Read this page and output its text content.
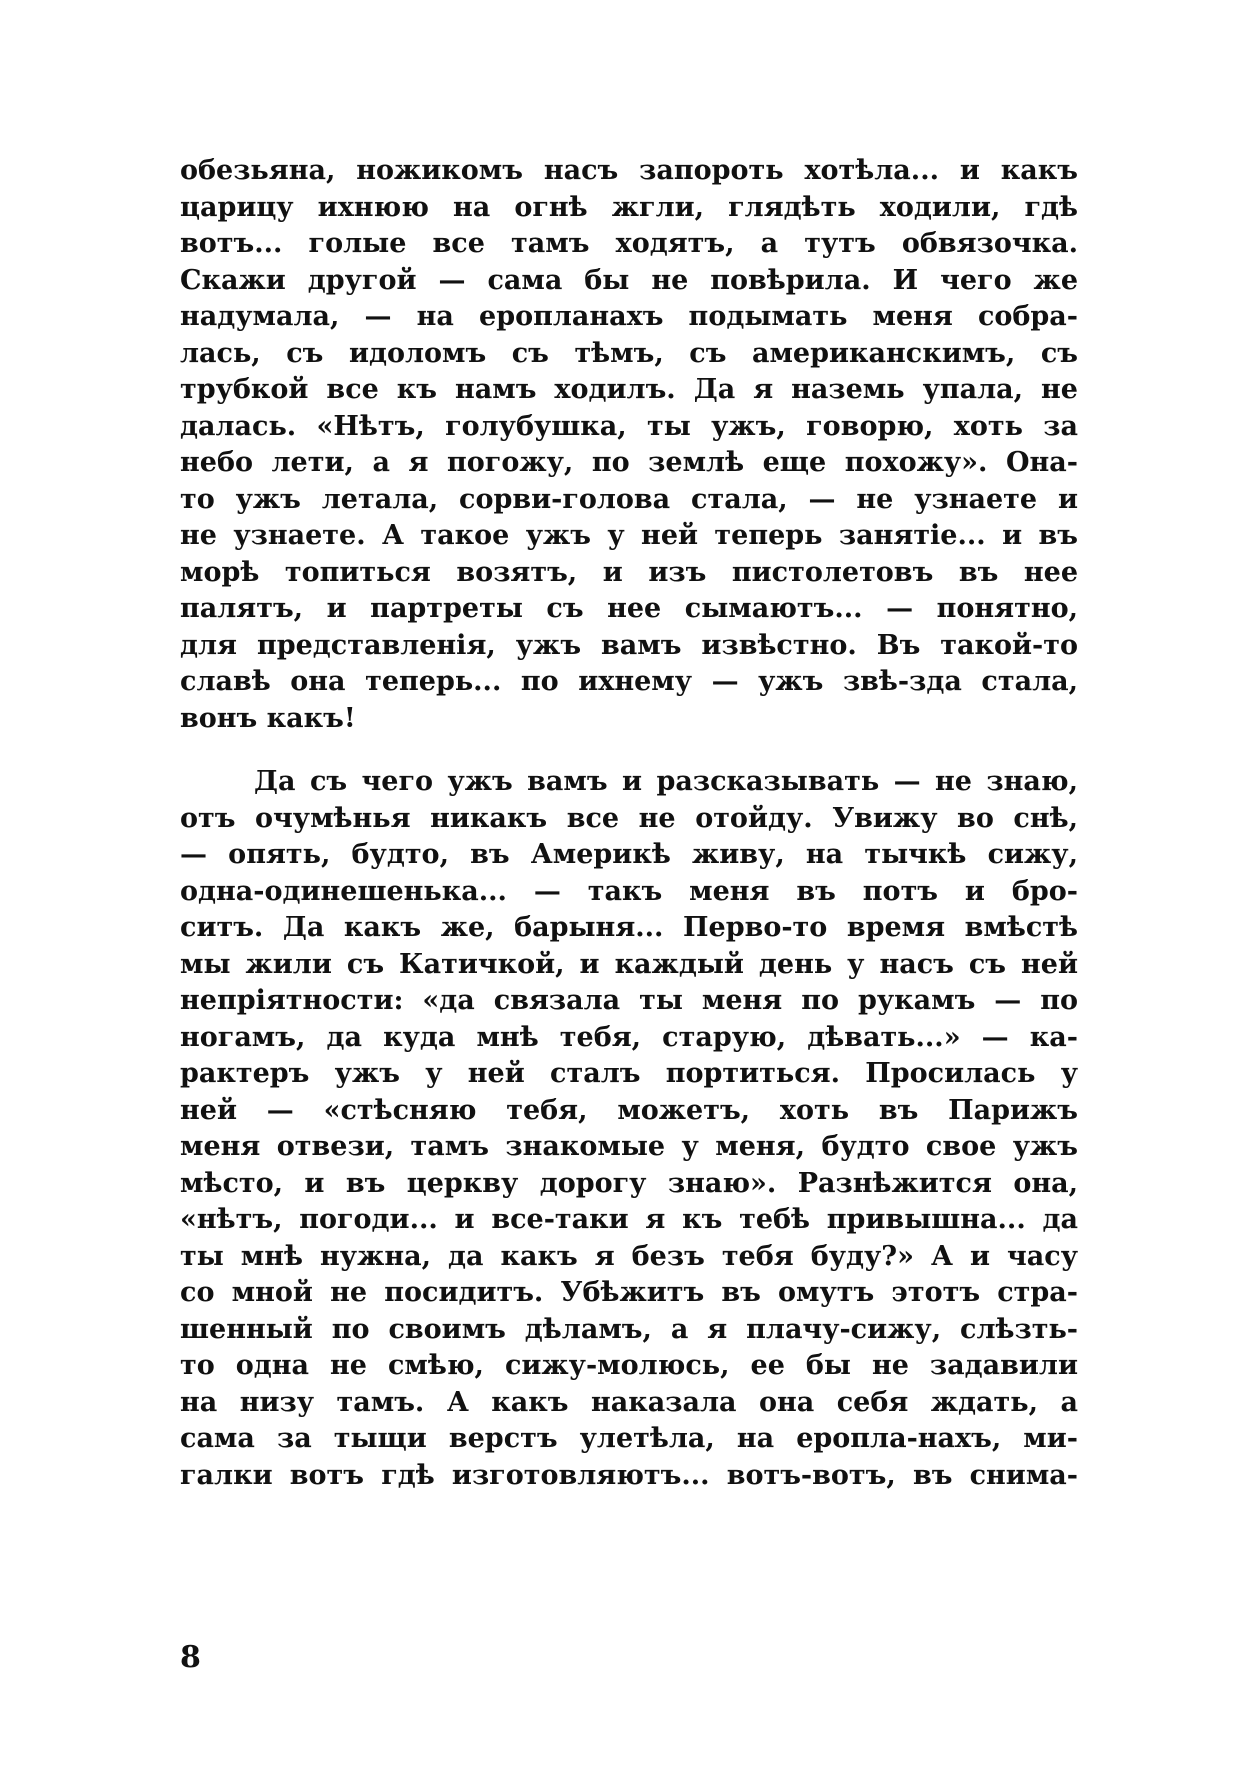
обезьяна, ножикомъ насъ запороть хотѣла... и какъ
царицу ихнюю на огнѣ жгли, глядѣть ходили, гдѣ
вотъ... голые все тамъ ходятъ, а тутъ обвязочка.
Скажи другой — сама бы не повѣрила. И чего же
надумала, — на еропланахъ подымать меня собра-
лась, съ идоломъ съ тѣмъ, съ американскимъ, съ
трубкой все къ намъ ходилъ. Да я наземь упала, не
далась. «Нѣтъ, голубушка, ты ужъ, говорю, хоть за
небо лети, а я погожу, по землѣ еще похожу». Она-
то ужъ летала, сорви-голова стала, — не узнаете и
не узнаете. А такое ужъ у ней теперь занятіе... и въ
морѣ топиться возятъ, и изъ пистолетовъ въ нее
палятъ, и партреты съ нее сымаютъ... — понятно,
для представленія, ужъ вамъ извѣстно. Въ такой-то
славѣ она теперь... по ихнему — ужъ звѣ-зда стала,
вонъ какъ!
Да съ чего ужъ вамъ и разсказывать — не знаю,
отъ очумѣнья никакъ все не отойду. Увижу во снѣ,
— опять, будто, въ Америкѣ живу, на тычкѣ сижу,
одна-одинешенька... — такъ меня въ потъ и бро-
ситъ. Да какъ же, барыня... Перво-то время вмѣстѣ
мы жили съ Катичкой, и каждый день у насъ съ ней
непріятности: «да связала ты меня по рукамъ — по
ногамъ, да куда мнѣ тебя, старую, дѣвать...» — ка-
рактеръ ужъ у ней сталъ портиться. Просилась у
ней — «стѣсняю тебя, можетъ, хоть въ Парижъ
меня отвези, тамъ знакомые у меня, будто свое ужъ
мѣсто, и въ церкву дорогу знаю». Разнѣжится она,
«нѣтъ, погоди... и все-таки я къ тебѣ привышна... да
ты мнѣ нужна, да какъ я безъ тебя буду?» А и часу
со мной не посидитъ. Убѣжитъ въ омутъ этотъ стра-
шенный по своимъ дѣламъ, а я плачу-сижу, слѣзть-
то одна не смѣю, сижу-молюсь, ее бы не задавили
на низу тамъ. А какъ наказала она себя ждать, а
сама за тыщи верстъ улетѣла, на еропла-нахъ, ми-
галки вотъ гдѣ изготовляютъ... вотъ-вотъ, въ снима-
8
